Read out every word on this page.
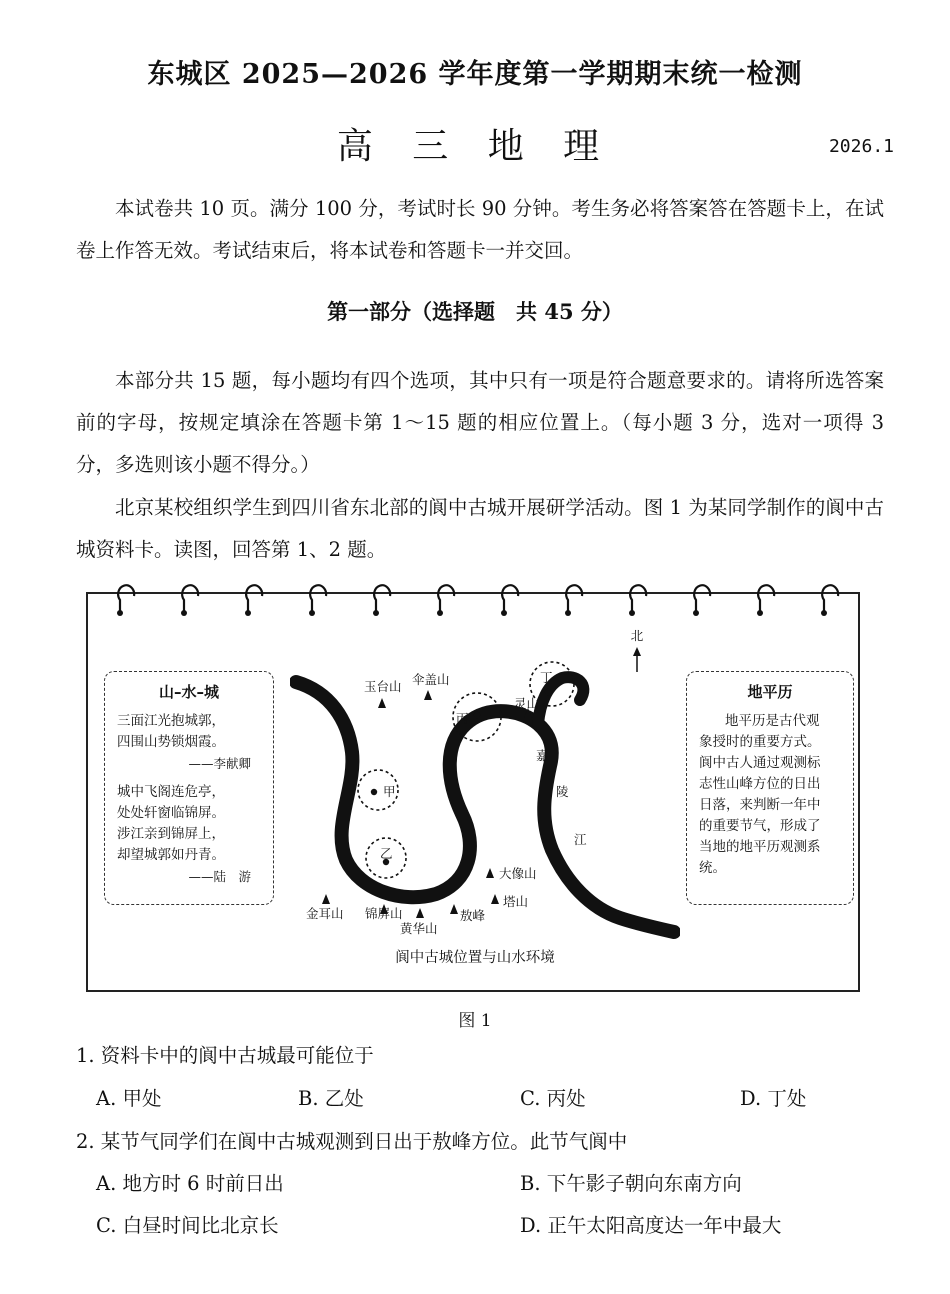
东城区 2025—2026 学年度第一学期期末统一检测
高 三 地 理	2026.1

本试卷共 10 页。满分 100 分，考试时长 90 分钟。考生务必将答案答在答题卡上，在试卷上作答无效。考试结束后，将本试卷和答题卡一并交回。

第一部分（选择题　共 45 分）

本部分共 15 题，每小题均有四个选项，其中只有一项是符合题意要求的。请将所选答案前的字母，按规定填涂在答题卡第 1～15 题的相应位置上。（每小题 3 分，选对一项得 3 分，多选则该小题不得分。）

北京某校组织学生到四川省东北部的阆中古城开展研学活动。图 1 为某同学制作的阆中古城资料卡。读图，回答第 1、2 题。

山–水–城
三面江光抱城郭，
四围山势锁烟霞。
——李献卿
城中飞阁连危亭，
处处轩窗临锦屏。
涉江亲到锦屏上，
却望城郭如丹青。
——陆　游
地平历
地平历是古代观
象授时的重要方式。
阆中古人通过观测标
志性山峰方位的日出
日落，来判断一年中
的重要节气，形成了
当地的地平历观测系
统。
北
甲
乙
丙
丁
玉台山 伞盖山
灵山
大像山
塔山
敖峰
黄华山
锦屏山
金耳山
嘉
陵
江
阆中古城位置与山水环境
图 1
1. 资料卡中的阆中古城最可能位于
A. 甲处	B. 乙处	C. 丙处	D. 丁处
2. 某节气同学们在阆中古城观测到日出于敖峰方位。此节气阆中
A. 地方时 6 时前日出	B. 下午影子朝向东南方向
C. 白昼时间比北京长	D. 正午太阳高度达一年中最大
